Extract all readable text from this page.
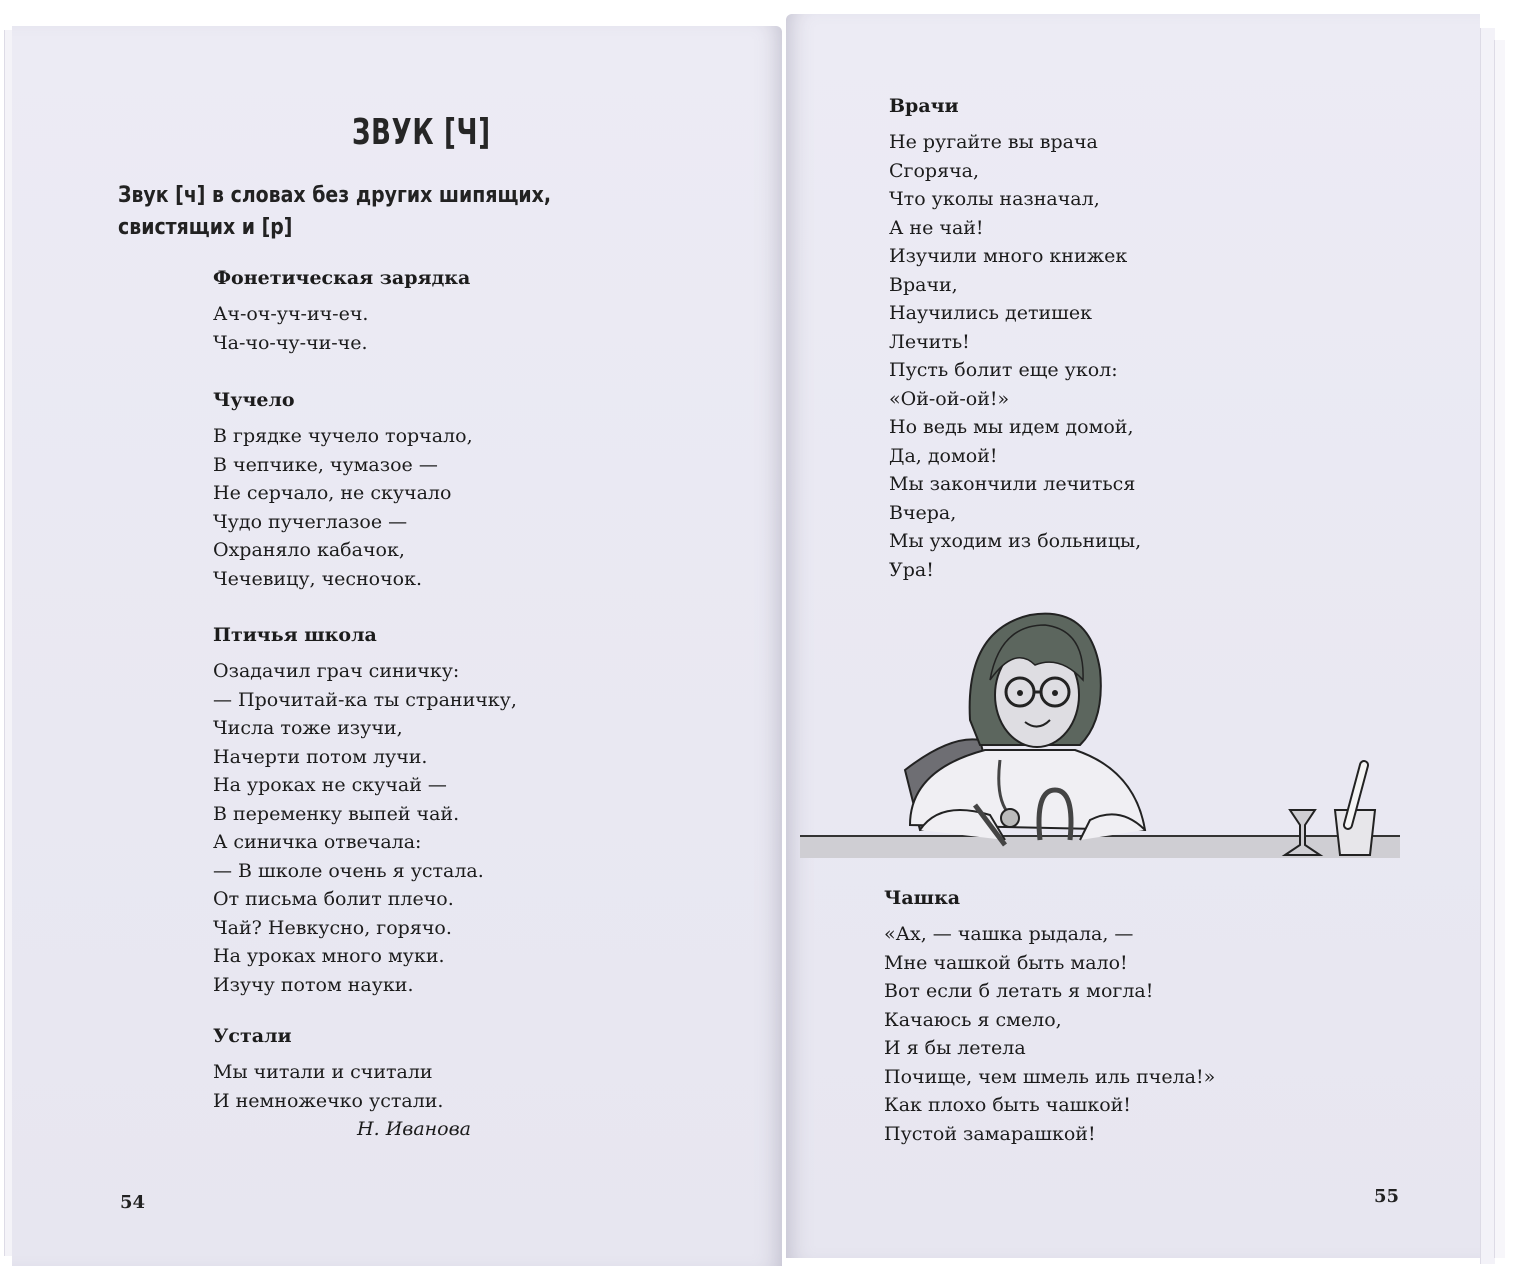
ЗВУК [Ч]
Звук [ч] в словах без других шипящих, свистящих и [р]
Фонетическая зарядка
Ач-оч-уч-ич-еч.
Ча-чо-чу-чи-че.
Чучело
В грядке чучело торчало,
В чепчике, чумазое —
Не серчало, не скучало
Чудо пучеглазое —
Охраняло кабачок,
Чечевицу, чесночок.
Птичья школа
Озадачил грач синичку:
— Прочитай-ка ты страничку,
Числа тоже изучи,
Начерти потом лучи.
На уроках не скучай —
В переменку выпей чай.
А синичка отвечала:
— В школе очень я устала.
От письма болит плечо.
Чай? Невкусно, горячо.
На уроках много муки.
Изучу потом науки.
Устали
Мы читали и считали
И немножечко устали.
Н. Иванова
54
Врачи
Не ругайте вы врача
Сгоряча,
Что уколы назначал,
А не чай!
Изучили много книжек
Врачи,
Научились детишек
Лечить!
Пусть болит еще укол:
«Ой-ой-ой!»
Но ведь мы идем домой,
Да, домой!
Мы закончили лечиться
Вчера,
Мы уходим из больницы,
Ура!
Чашка
«Ах, — чашка рыдала, —
Мне чашкой быть мало!
Вот если б летать я могла!
Качаюсь я смело,
И я бы летела
Почище, чем шмель иль пчела!»
Как плохо быть чашкой!
Пустой замарашкой!
55
